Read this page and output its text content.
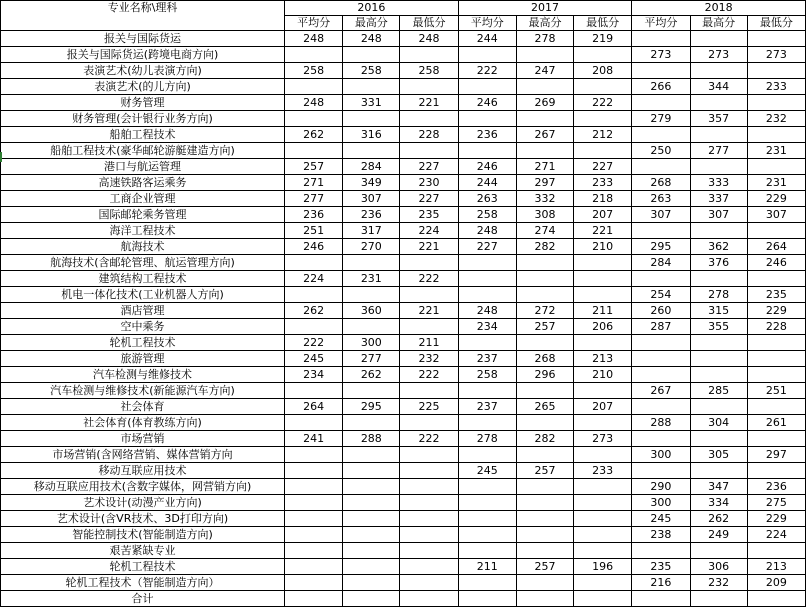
专业名称\理科	2016			2017			2018		
	平均分	最高分	最低分	平均分	最高分	最低分	平均分	最高分	最低分
报关与国际货运	248	248	248	244	278	219			
报关与国际货运(跨境电商方向)							273	273	273
表演艺术(幼儿表演方向)	258	258	258	222	247	208			
表演艺术(的儿方向)							266	344	233
财务管理	248	331	221	246	269	222			
财务管理(会计银行业务方向)							279	357	232
船舶工程技术	262	316	228	236	267	212			
船舶工程技术(豪华邮轮游艇建造方向)							250	277	231
港口与航运管理	257	284	227	246	271	227			
高速铁路客运乘务	271	349	230	244	297	233	268	333	231
工商企业管理	277	307	227	263	332	218	263	337	229
国际邮轮乘务管理	236	236	235	258	308	207	307	307	307
海洋工程技术	251	317	224	248	274	221			
航海技术	246	270	221	227	282	210	295	362	264
航海技术(含邮轮管理、航运管理方向)							284	376	246
建筑结构工程技术	224	231	222						
机电一体化技术(工业机器人方向)							254	278	235
酒店管理	262	360	221	248	272	211	260	315	229
空中乘务				234	257	206	287	355	228
轮机工程技术	222	300	211						
旅游管理	245	277	232	237	268	213			
汽车检测与维修技术	234	262	222	258	296	210			
汽车检测与维修技术(新能源汽车方向)							267	285	251
社会体育	264	295	225	237	265	207			
社会体育(体育教练方向)							288	304	261
市场营销	241	288	222	278	282	273			
市场营销(含网络营销、媒体营销方向							300	305	297
移动互联应用技术				245	257	233			
移动互联应用技术(含数字媒体，网营销方向)							290	347	236
艺术设计(动漫产业方向)							300	334	275
艺术设计(含VR技术、3D打印方向)							245	262	229
智能控制技术(智能制造方向)							238	249	224
艰苦紧缺专业									
轮机工程技术				211	257	196	235	306	213
轮机工程技术（智能制造方向）							216	232	209
合计									
